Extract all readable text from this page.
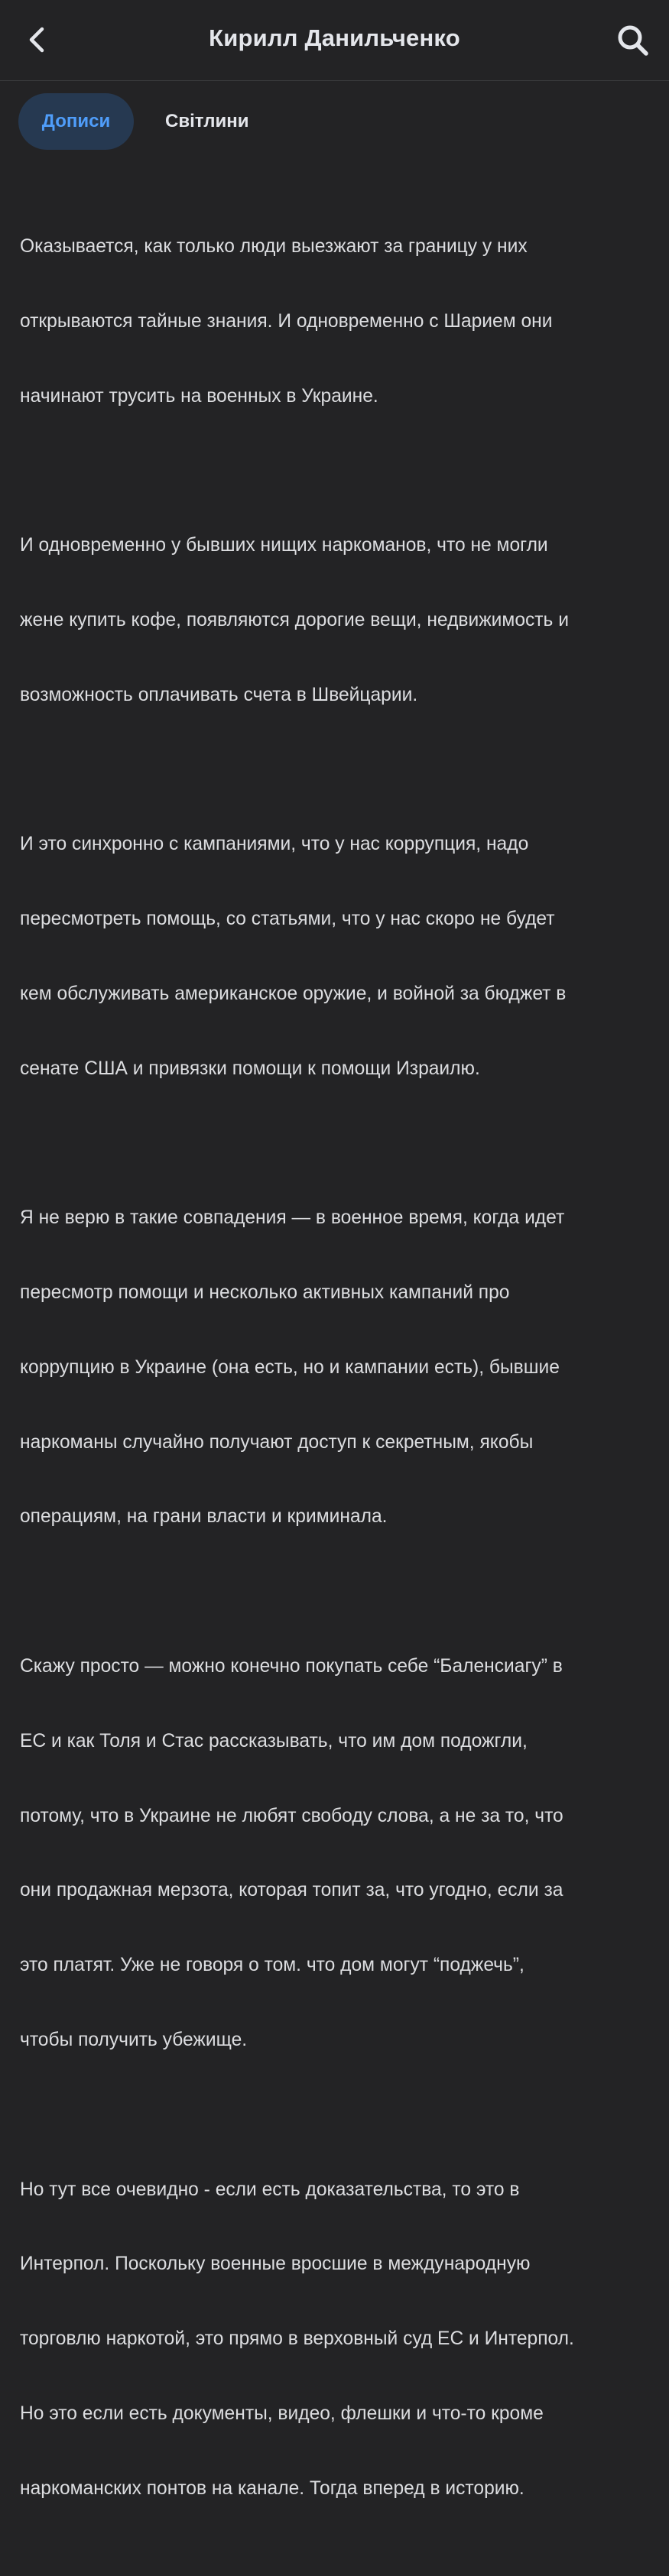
Кирилл Данильченко
Дописи	Світлини

Оказывается, как только люди выезжают за границу у них

открываются тайные знания. И одновременно с Шарием они

начинают трусить на военных в Украине.

И одновременно у бывших нищих наркоманов, что не могли

жене купить кофе, появляются дорогие вещи, недвижимость и

возможность оплачивать счета в Швейцарии.

И это синхронно с кампаниями, что у нас коррупция, надо

пересмотреть помощь, со статьями, что у нас скоро не будет

кем обслуживать американское оружие, и войной за бюджет в

сенате США и привязки помощи к помощи Израилю.

Я не верю в такие совпадения — в военное время, когда идет

пересмотр помощи и несколько активных кампаний про

коррупцию в Украине (она есть, но и кампании есть), бывшие

наркоманы случайно получают доступ к секретным, якобы

операциям, на грани власти и криминала.

Скажу просто — можно конечно покупать себе “Баленсиагу” в

ЕС и как Толя и Стас рассказывать, что им дом подожгли,

потому, что в Украине не любят свободу слова, а не за то, что

они продажная мерзота, которая топит за, что угодно, если за

это платят. Уже не говоря о том. что дом могут “поджечь”,

чтобы получить убежище.

Но тут все очевидно - если есть доказательства, то это в

Интерпол. Поскольку военные вросшие в международную

торговлю наркотой, это прямо в верховный суд ЕС и Интерпол.

Но это если есть документы, видео, флешки и что-то кроме

наркоманских понтов на канале. Тогда вперед в историю.
